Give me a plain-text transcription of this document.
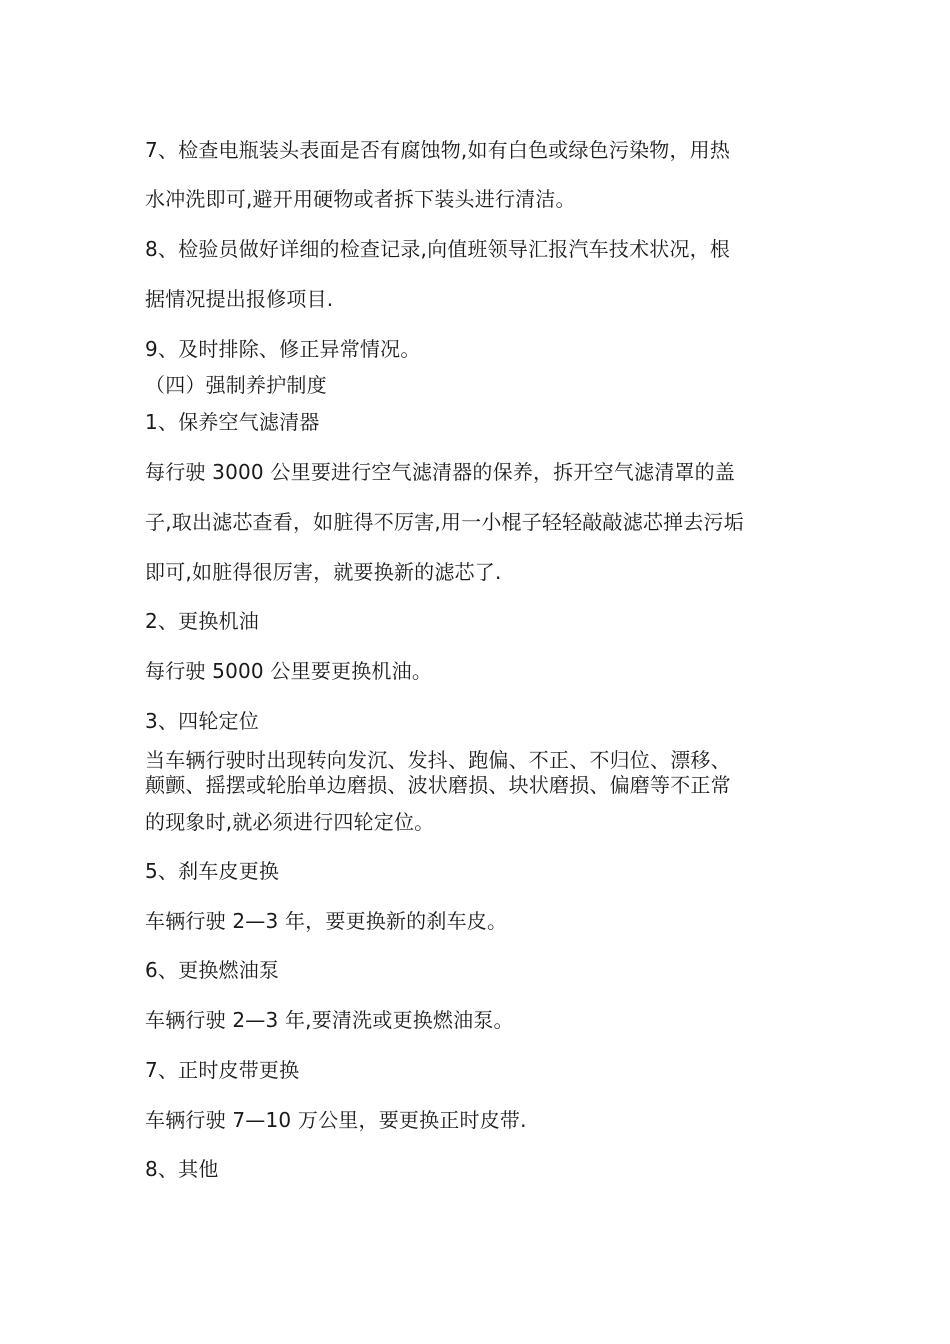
7、检查电瓶装头表面是否有腐蚀物,如有白色或绿色污染物，用热
水冲洗即可,避开用硬物或者拆下装头进行清洁。
8、检验员做好详细的检查记录,向值班领导汇报汽车技术状况，根
据情况提出报修项目.
9、及时排除、修正异常情况。
（四）强制养护制度
1、保养空气滤清器
每行驶 3000 公里要进行空气滤清器的保养，拆开空气滤清罩的盖
子,取出滤芯查看，如脏得不厉害,用一小棍子轻轻敲敲滤芯掸去污垢
即可,如脏得很厉害，就要换新的滤芯了.
2、更换机油
每行驶 5000 公里要更换机油。
3、四轮定位
当车辆行驶时出现转向发沉、发抖、跑偏、不正、不归位、漂移、
颠颤、摇摆或轮胎单边磨损、波状磨损、块状磨损、偏磨等不正常
的现象时,就必须进行四轮定位。
5、刹车皮更换
车辆行驶 2—3 年，要更换新的刹车皮。
6、更换燃油泵
车辆行驶 2—3 年,要清洗或更换燃油泵。
7、正时皮带更换
车辆行驶 7—10 万公里，要更换正时皮带.
8、其他
